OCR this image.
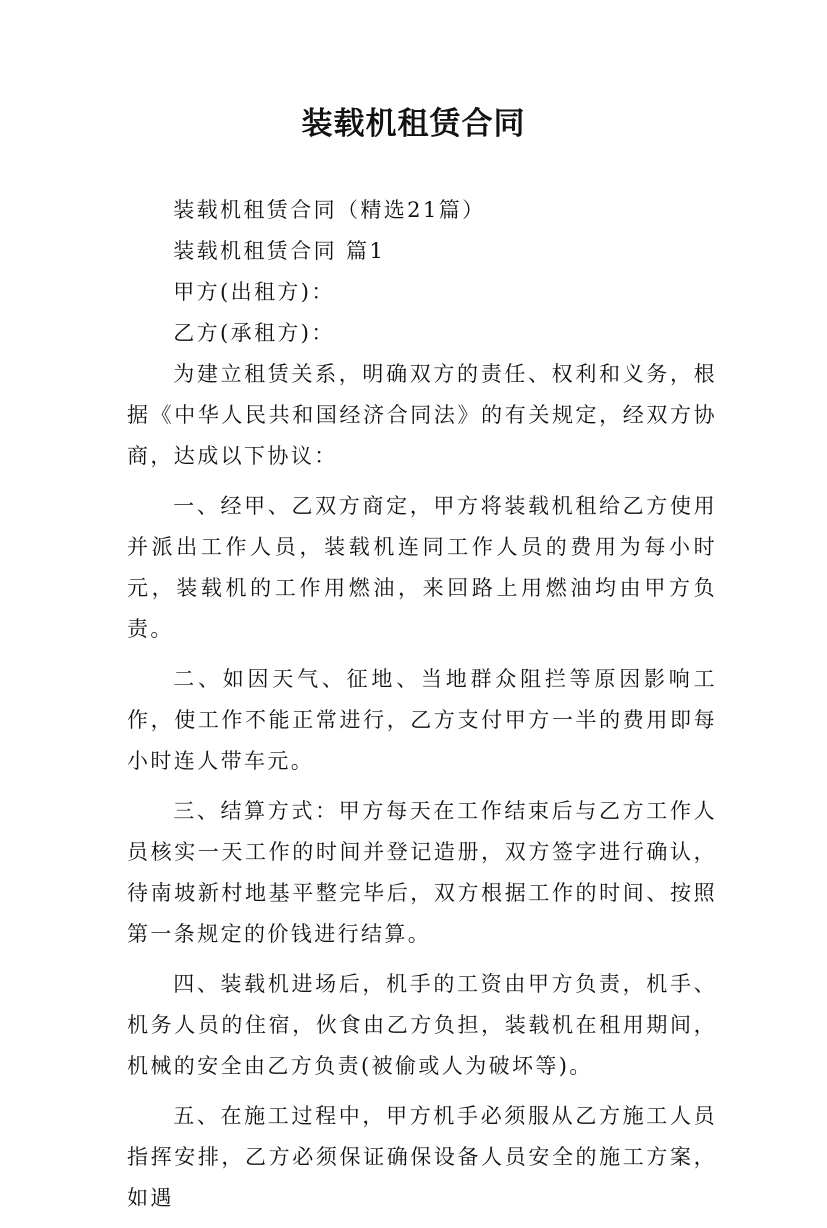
装载机租赁合同

装载机租赁合同（精选21篇）

装载机租赁合同 篇1

甲方(出租方)：

乙方(承租方)：

为建立租赁关系，明确双方的责任、权利和义务，根据《中华人民共和国经济合同法》的有关规定，经双方协商，达成以下协议：

一、经甲、乙双方商定，甲方将装载机租给乙方使用并派出工作人员，装载机连同工作人员的费用为每小时元，装载机的工作用燃油，来回路上用燃油均由甲方负责。

二、如因天气、征地、当地群众阻拦等原因影响工作，使工作不能正常进行，乙方支付甲方一半的费用即每小时连人带车元。

三、结算方式：甲方每天在工作结束后与乙方工作人员核实一天工作的时间并登记造册，双方签字进行确认，待南坡新村地基平整完毕后，双方根据工作的时间、按照第一条规定的价钱进行结算。

四、装载机进场后，机手的工资由甲方负责，机手、机务人员的住宿，伙食由乙方负担，装载机在租用期间，机械的安全由乙方负责(被偷或人为破坏等)。

五、在施工过程中，甲方机手必须服从乙方施工人员指挥安排，乙方必须保证确保设备人员安全的施工方案，如遇
